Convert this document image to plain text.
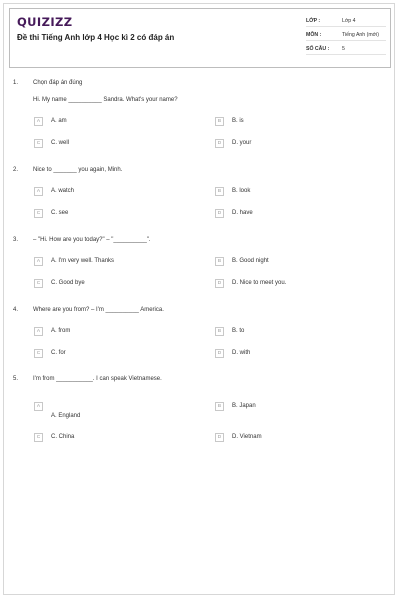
QUIZIZZ
Đề thi Tiếng Anh lớp 4 Học kì 2 có đáp án
LỚP :	Lớp 4
MÔN :	Tiếng Anh (mới)
SỐ CÂU : 5
1. Chọn đáp án đúng
Hi. My name __________ Sandra. What's your name?
A	A. am	B	B. is
C	C. well	D	D. your
2. Nice to _______ you again, Minh.
A	A. watch	B	B. look
C	C. see	D	D. have
3. – "Hi. How are you today?" – "__________".
A	A. I'm very well. Thanks	B	B. Good night
C	C. Good bye	D	D. Nice to meet you.
4. Where are you from? – I'm __________ America.
A	A. from	B	B. to
C	C. for	D	D. with
5. I'm from ___________. I can speak Vietnamese.
A
A. England
B	B. Japan
C	C. China	D	D. Vietnam
